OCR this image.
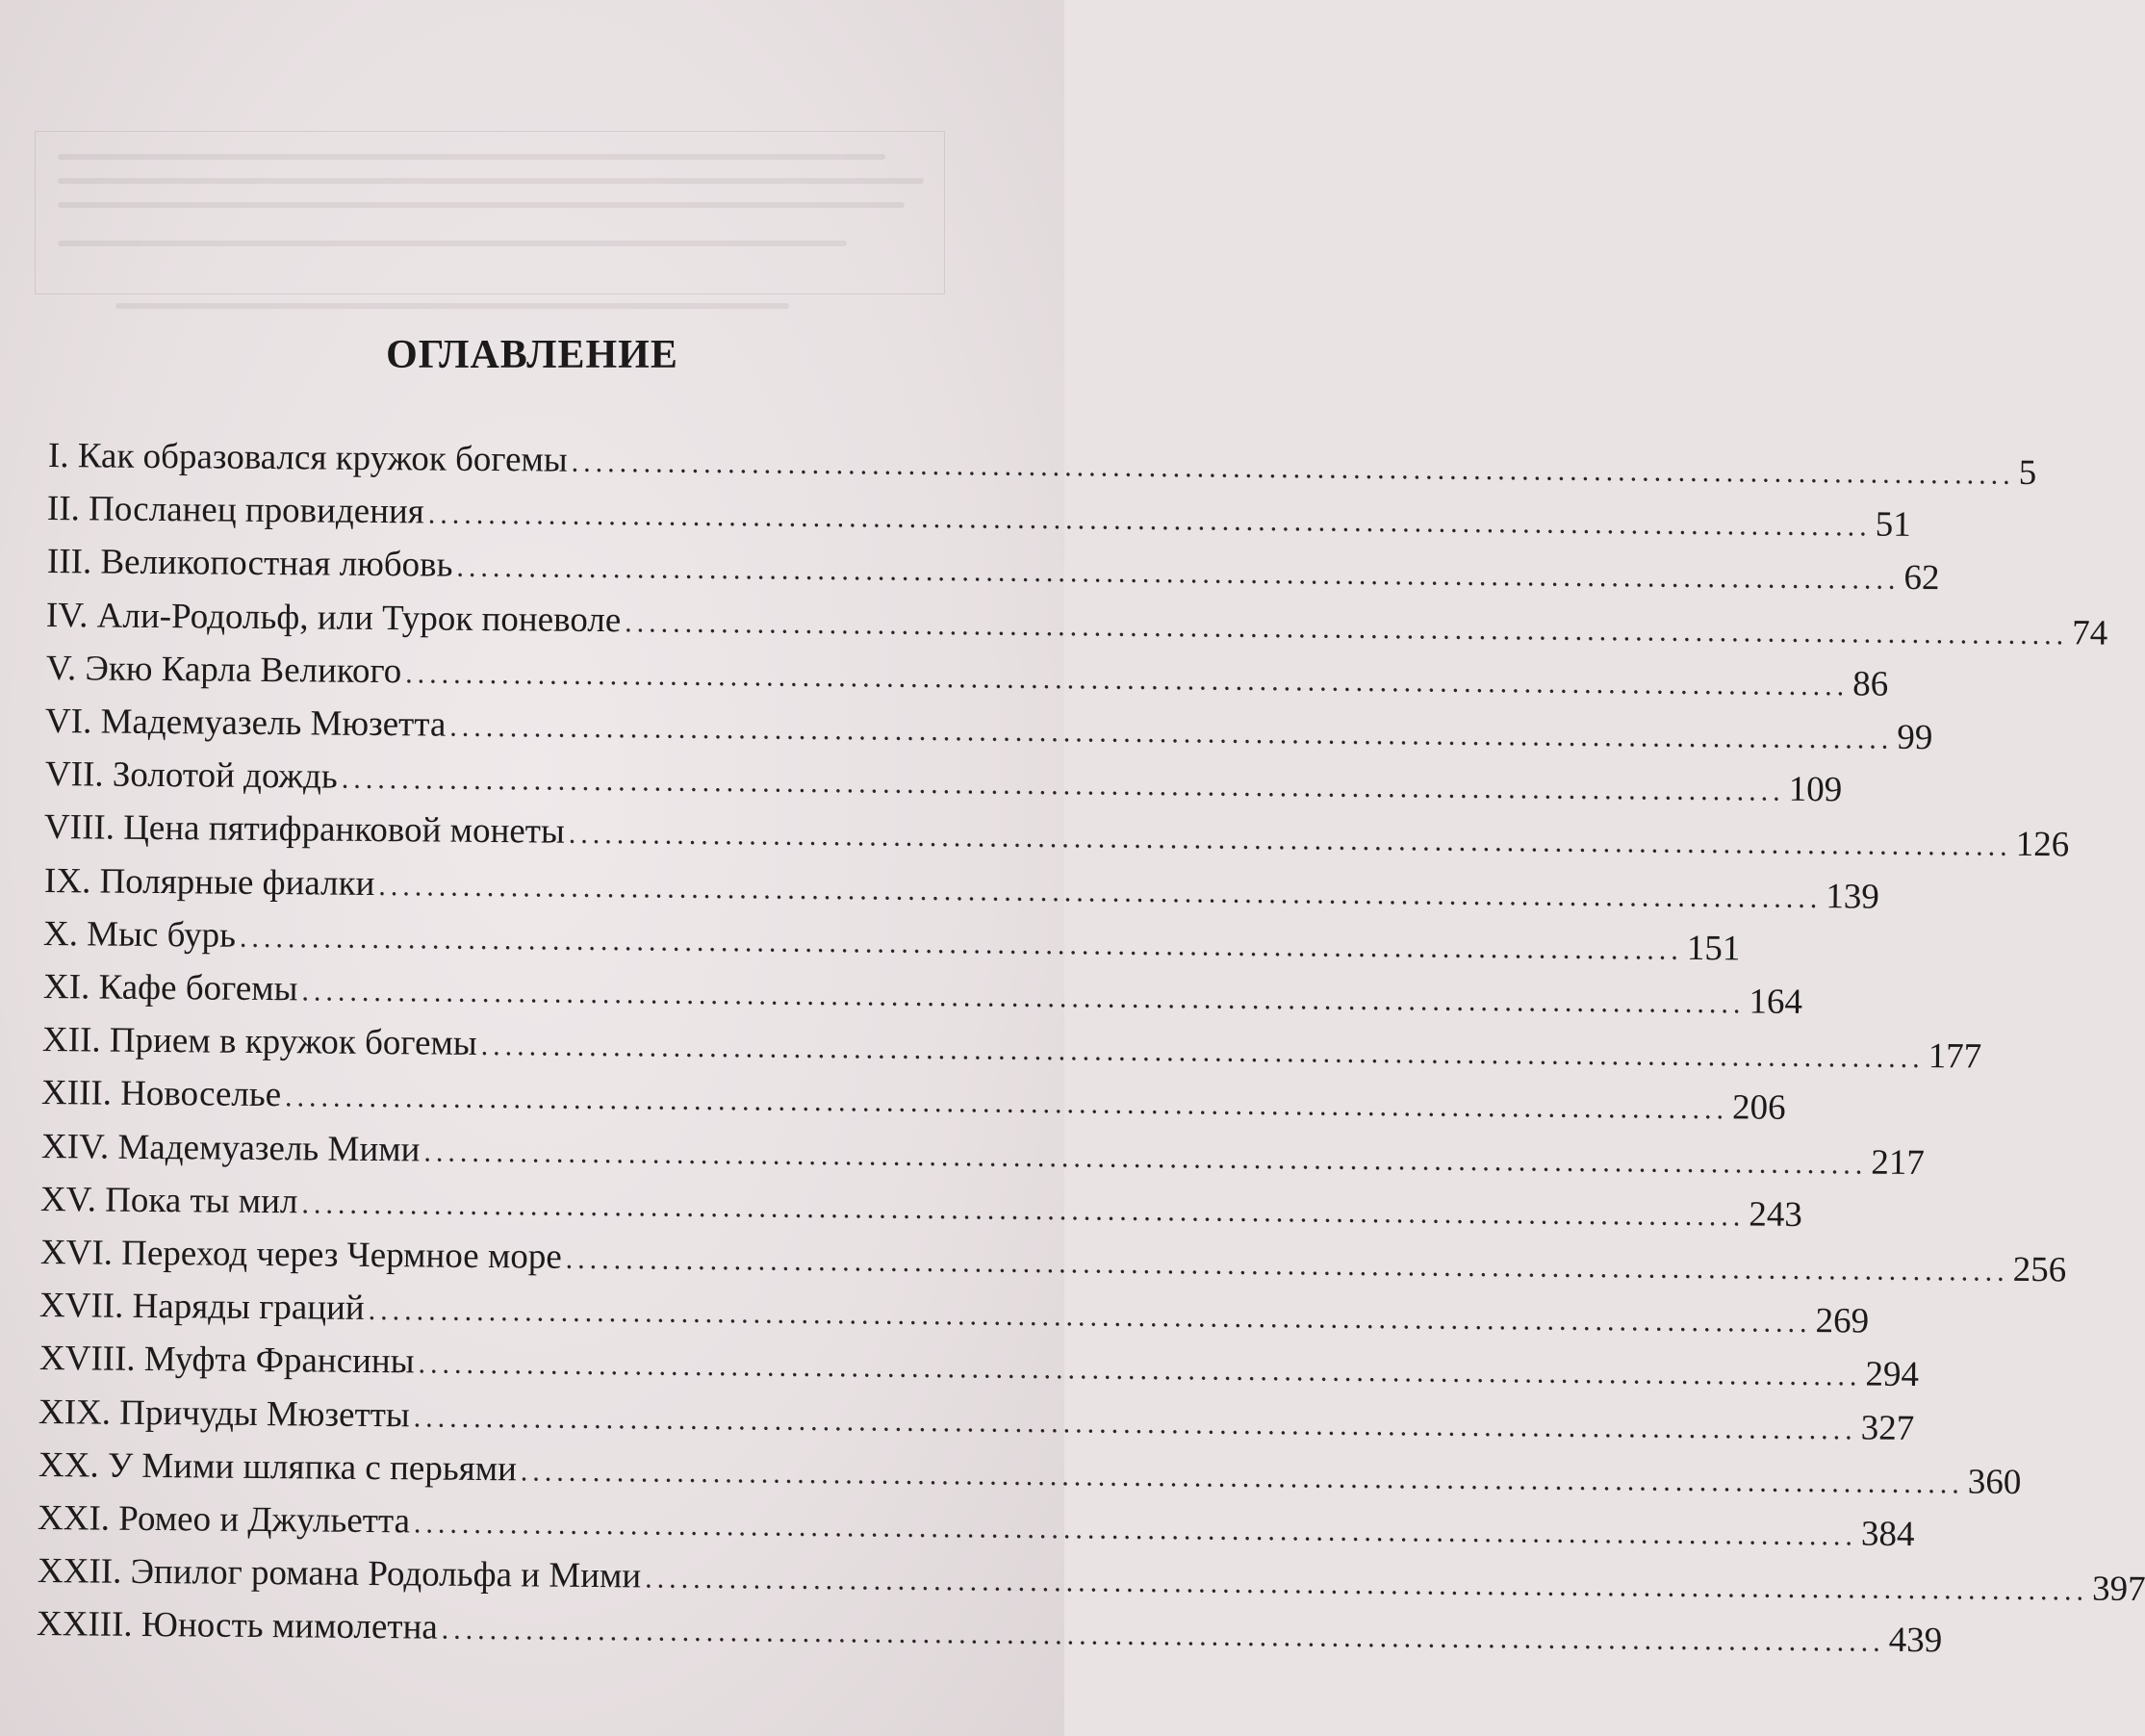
ОГЛАВЛЕНИЕ
I. Как образовался кружок богемы ........................................................................................................................ 5
II. Посланец провидения ........................................................................................................................ 51
III. Великопостная любовь ........................................................................................................................ 62
IV. Али-Родольф, или Турок поневоле ........................................................................................................................ 74
V. Экю Карла Великого ........................................................................................................................ 86
VI. Мадемуазель Мюзетта ........................................................................................................................ 99
VII. Золотой дождь ........................................................................................................................ 109
VIII. Цена пятифранковой монеты ........................................................................................................................ 126
IX. Полярные фиалки ........................................................................................................................ 139
X. Мыс бурь ........................................................................................................................ 151
XI. Кафе богемы ........................................................................................................................ 164
XII. Прием в кружок богемы ........................................................................................................................ 177
XIII. Новоселье ........................................................................................................................ 206
XIV. Мадемуазель Мими ........................................................................................................................ 217
XV. Пока ты мил ........................................................................................................................ 243
XVI. Переход через Чермное море ........................................................................................................................ 256
XVII. Наряды граций ........................................................................................................................ 269
XVIII. Муфта Франсины ........................................................................................................................ 294
XIX. Причуды Мюзетты ........................................................................................................................ 327
XX. У Мими шляпка с перьями ........................................................................................................................ 360
XXI. Ромео и Джульетта ........................................................................................................................ 384
XXII. Эпилог романа Родольфа и Мими ........................................................................................................................ 397
XXIII. Юность мимолетна ........................................................................................................................ 439
